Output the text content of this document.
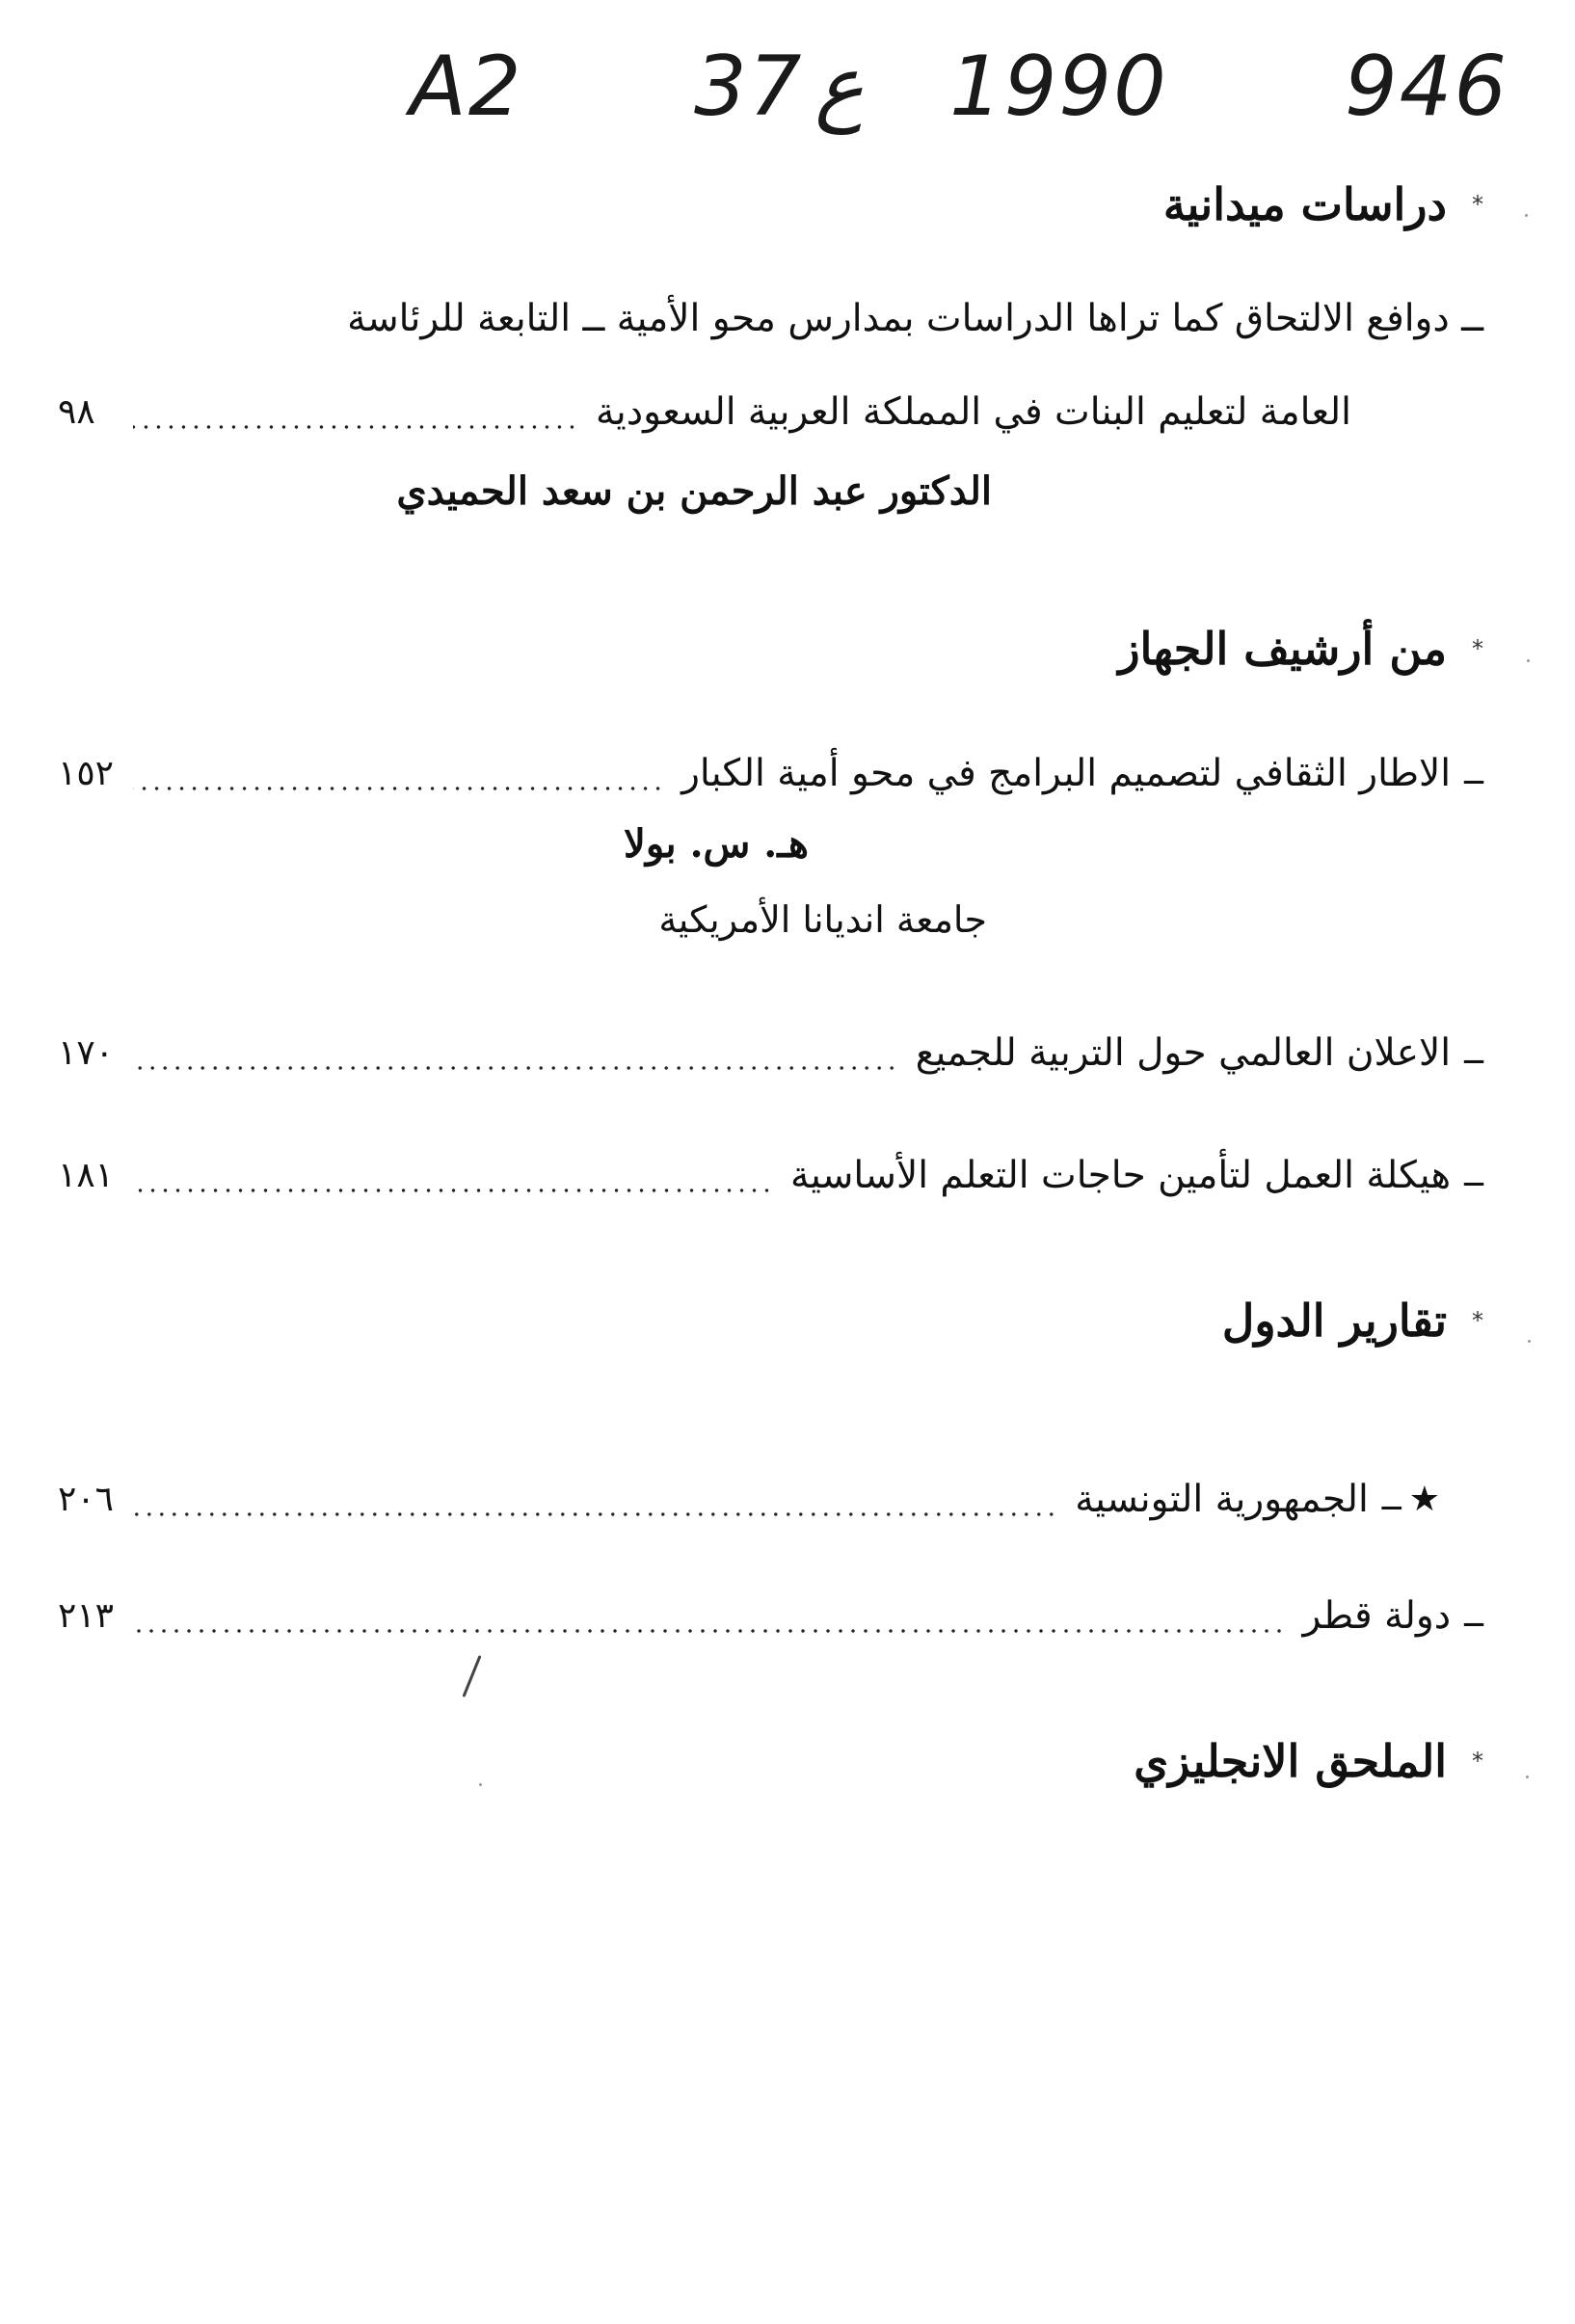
A2 37 ع 1990 946
*
دراسات ميدانية
ــ دوافع الالتحاق كما تراها الدراسات بمدارس محو الأمية ــ التابعة للرئاسة
العامة لتعليم البنات في المملكة العربية السعودية
٩٨
الدكتور عبد الرحمن بن سعد الحميدي
*
من أرشيف الجهاز
ــ
الاطار الثقافي لتصميم البرامج في محو أمية الكبار
١٥٢
هـ. س. بولا
جامعة انديانا الأمريكية
ــ
الاعلان العالمي حول التربية للجميع
١٧٠
ــ
هيكلة العمل لتأمين حاجات التعلم الأساسية
١٨١
*
تقارير الدول
★
ــ
الجمهورية التونسية
٢٠٦
ــ
دولة قطر
٢١٣
*
الملحق الانجليزي
